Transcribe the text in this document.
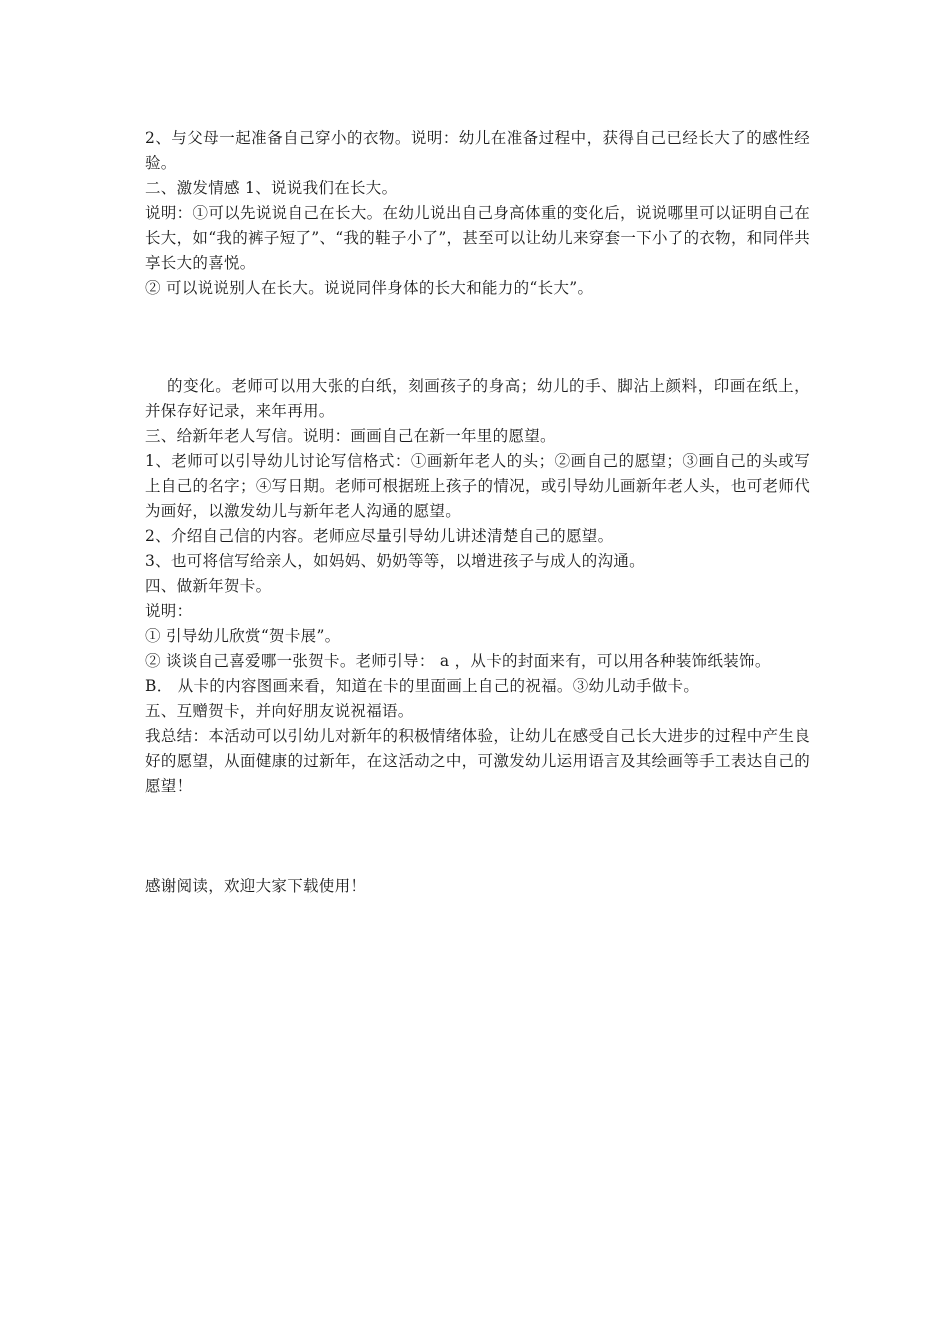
2、与父母一起准备自己穿小的衣物。说明：幼儿在准备过程中，获得自己已经长大了的感性经验。

二、激发情感 1、说说我们在长大。

说明：①可以先说说自己在长大。在幼儿说出自己身高体重的变化后，说说哪里可以证明自己在长大，如“我的裤子短了”、“我的鞋子小了”，甚至可以让幼儿来穿套一下小了的衣物，和同伴共享长大的喜悦。

② 可以说说别人在长大。说说同伴身体的长大和能力的“长大”。

的变化。老师可以用大张的白纸，刻画孩子的身高；幼儿的手、脚沾上颜料，印画在纸上，并保存好记录，来年再用。

三、给新年老人写信。说明：画画自己在新一年里的愿望。

1、老师可以引导幼儿讨论写信格式：①画新年老人的头；②画自己的愿望；③画自己的头或写上自己的名字；④写日期。老师可根据班上孩子的情况，或引导幼儿画新年老人头，也可老师代为画好，以激发幼儿与新年老人沟通的愿望。

2、介绍自己信的内容。老师应尽量引导幼儿讲述清楚自己的愿望。

3、也可将信写给亲人，如妈妈、奶奶等等，以增进孩子与成人的沟通。

四、做新年贺卡。

说明：

① 引导幼儿欣赏“贺卡展”。

② 谈谈自己喜爱哪一张贺卡。老师引导： a ，从卡的封面来有，可以用各种装饰纸装饰。

B． 从卡的内容图画来看，知道在卡的里面画上自己的祝福。③幼儿动手做卡。

五、互赠贺卡，并向好朋友说祝福语。

我总结：本活动可以引幼儿对新年的积极情绪体验，让幼儿在感受自己长大进步的过程中产生良好的愿望，从面健康的过新年，在这活动之中，可激发幼儿运用语言及其绘画等手工表达自己的愿望！

感谢阅读，欢迎大家下载使用！
